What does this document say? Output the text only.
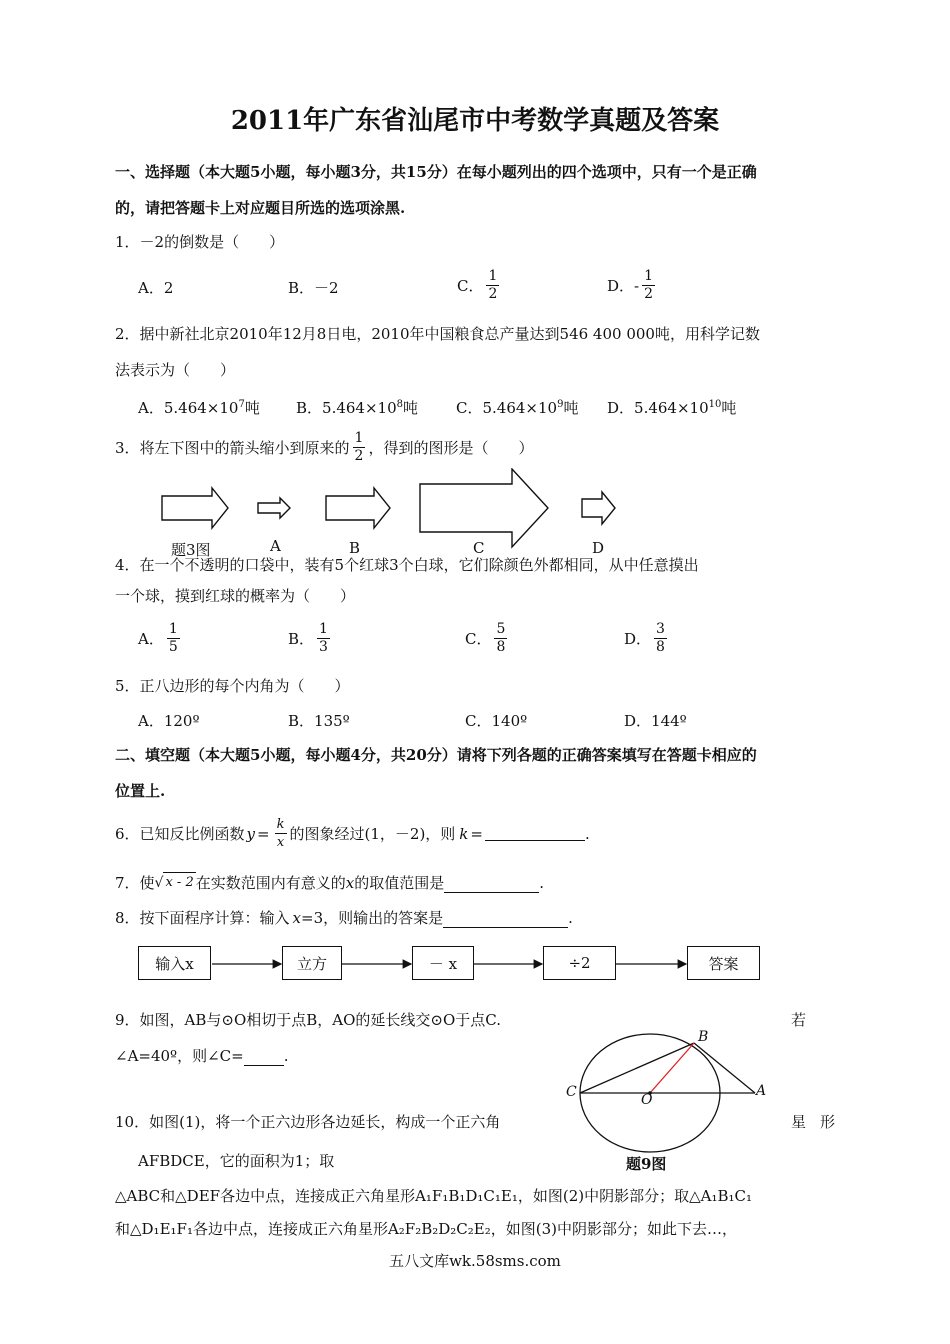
2011年广东省汕尾市中考数学真题及答案
一、选择题（本大题5小题，每小题3分，共15分）在每小题列出的四个选项中，只有一个是正确
的，请把答题卡上对应题目所选的选项涂黑.
1．－2的倒数是（　　）
A．2	B．－2	C． $\frac{1}{2}$	D．- $\frac{1}{2}$
2．据中新社北京2010年12月8日电，2010年中国粮食总产量达到546 400 000吨，用科学记数
法表示为（　　）
A．$5.464\times 10^7$吨 B．$5.464\times 10^8$吨	C．$5.464\times 10^9$吨 D．$5.464\times 10^{10}$吨
3．将左下图中的箭头缩小到原来的 $\frac{1}{2}$ ，得到的图形是（　　）
题3图	A	B	C	D
4．在一个不透明的口袋中，装有5个红球3个白球，它们除颜色外都相同，从中任意摸出
一个球，摸到红球的概率为（　　）
A． $\frac{1}{5}$	B． $\frac{1}{3}$	C． $\frac{5}{8}$	D． $\frac{3}{8}$
5．正八边形的每个内角为（　　）
A．120º	B．135º	C．140º	D．144º
二、填空题（本大题5小题，每小题4分，共20分）请将下列各题的正确答案填写在答题卡相应的
位置上.
6．已知反比例函数 $y = \frac{k}{x}$ 的图象经过(1，－2)，则 k =	.
7．使 √ x - 2 在实数范围内有意义的 x 的取值范围是	.
8．按下面程序计算：输入 x =3，则输出的答案是	.
输入x	立方	－ x	÷2	答案
9．如图，AB与⊙O相切于点B，AO的延长线交⊙O于点C.	若
∠A=40º，则∠C=	.
B
C	O
A
题9图
10．如图(1)，将一个正六边形各边延长，构成一个正六角	星 形
AFBDCE，它的面积为1；取
△ABC和△DEF各边中点，连接成正六角星形A₁F₁B₁D₁C₁E₁，如图(2)中阴影部分；取△A₁B₁C₁
和△D₁E₁F₁各边中点，连接成正六角星形A₂F₂B₂D₂C₂E₂，如图(3)中阴影部分；如此下去…，
五八文库wk.58sms.com
